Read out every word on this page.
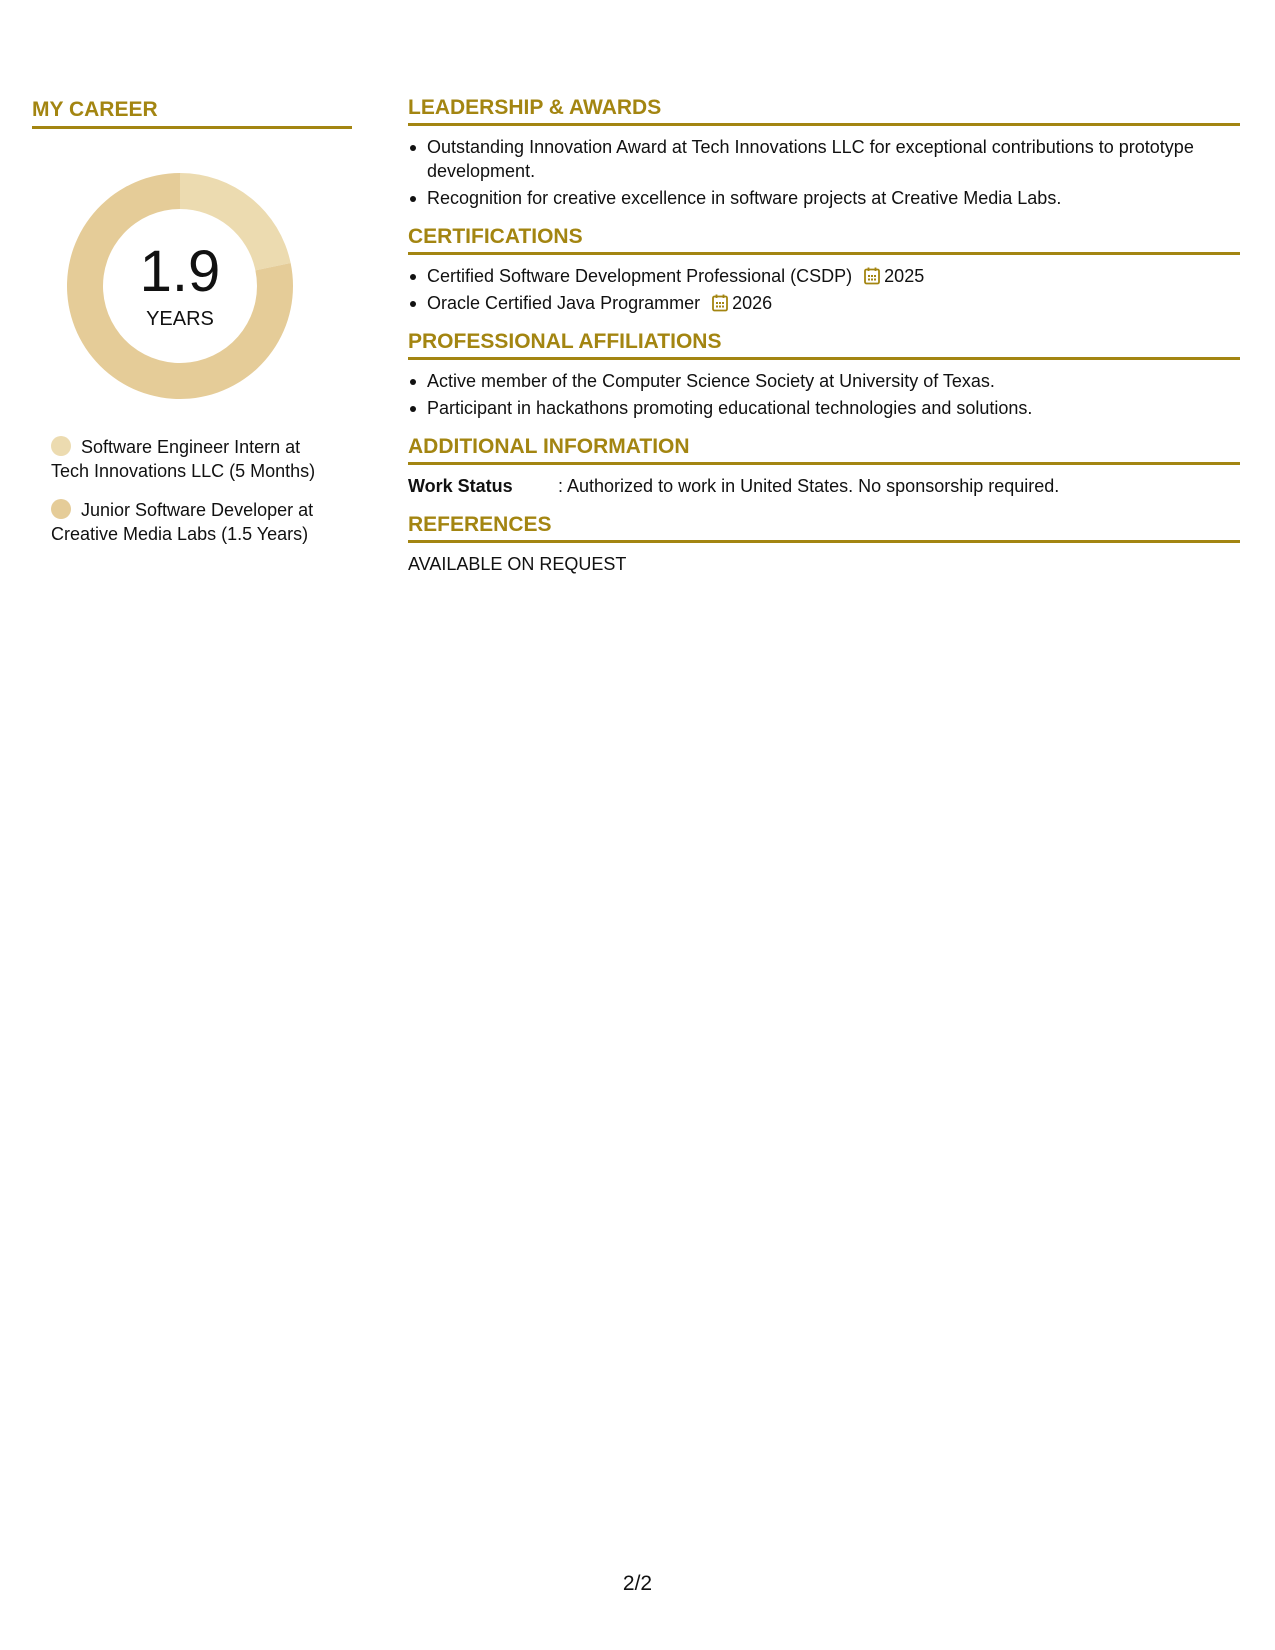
MY CAREER
1.9
YEARS
Software Engineer Intern at Tech Innovations LLC (5 Months)
Junior Software Developer at Creative Media Labs (1.5 Years)
LEADERSHIP & AWARDS
Outstanding Innovation Award at Tech Innovations LLC for exceptional contributions to prototype development.
Recognition for creative excellence in software projects at Creative Media Labs.
CERTIFICATIONS
Certified Software Development Professional (CSDP) 2025
Oracle Certified Java Programmer 2026
PROFESSIONAL AFFILIATIONS
Active member of the Computer Science Society at University of Texas.
Participant in hackathons promoting educational technologies and solutions.
ADDITIONAL INFORMATION
Work Status	: Authorized to work in United States. No sponsorship required.
REFERENCES
AVAILABLE ON REQUEST
2/2
